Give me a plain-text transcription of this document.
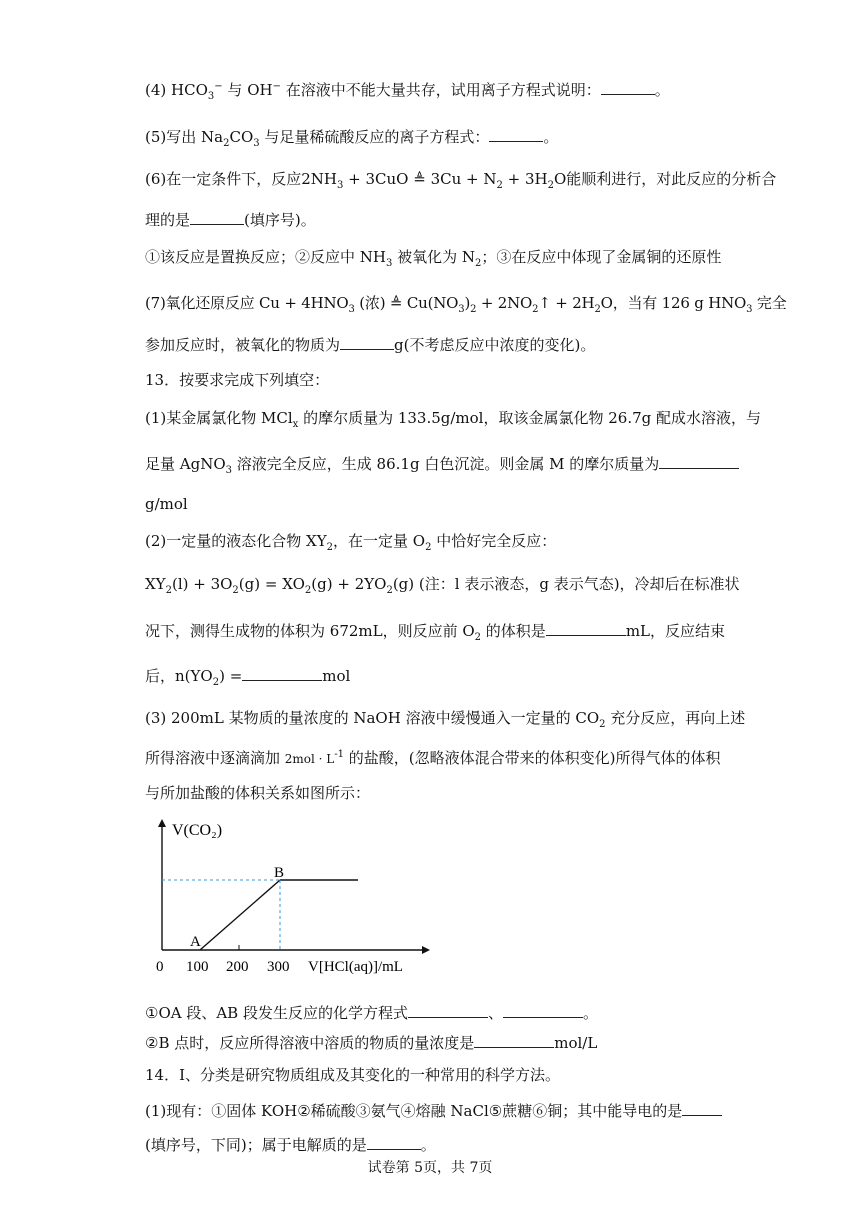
(4) $HCO_3^-$ 与 OH− 在溶液中不能大量共存，试用离子方程式说明：	。
(5)写出 $Na_2CO_3$ 与足量稀硫酸反应的离子方程式：	。
(6)在一定条件下，反应$2NH_3 + 3CuO$ ≜ $3Cu + N_2 + 3H_2O$能顺利进行，对此反应的分析合
理的是	(填序号)。
①该反应是置换反应；②反应中 $NH_3$ 被氧化为 $N_2$；③在反应中体现了金属铜的还原性
(7)氧化还原反应 $Cu + 4HNO_3$ (浓) ≜ $Cu(NO_3)_2$ + $2NO_2↑ + 2H_2O$，当有 126 g $HNO_3$ 完全
参加反应时，被氧化的物质为	g(不考虑反应中浓度的变化)。
13．按要求完成下列填空：
(1)某金属氯化物 MCl$_x$ 的摩尔质量为 133.5g/mol，取该金属氯化物 26.7g 配成水溶液，与
足量 AgNO$_3$ 溶液完全反应，生成 86.1g 白色沉淀。则金属 M 的摩尔质量为
g/mol
(2)一定量的液态化合物 $XY_2$，在一定量 $O_2$ 中恰好完全反应：
$XY_2(l) + 3O_2(g) = XO_2(g) + 2YO_2(g)$ (注：l 表示液态，g 表示气态)，冷却后在标准状
况下，测得生成物的体积为 672mL，则反应前 $O_2$ 的体积是	mL，反应结束
后，$n(YO_2)$ =	mol
(3) 200mL 某物质的量浓度的 NaOH 溶液中缓慢通入一定量的 $CO_2$ 充分反应，再向上述
所得溶液中逐滴滴加 $2mol \cdot L^{-1}$ 的盐酸，(忽略液体混合带来的体积变化)所得气体的体积
与所加盐酸的体积关系如图所示：
V(CO₂)
A
B
0 100 200 300 V[HCl(aq)]/mL
①OA 段、AB 段发生反应的化学方程式	、	。
②B 点时，反应所得溶液中溶质的物质的量浓度是	mol/L
14．I、分类是研究物质组成及其变化的一种常用的科学方法。
(1)现有：①固体 KOH②稀硫酸③氨气④熔融 NaCl⑤蔗糖⑥铜；其中能导电的是
(填序号，下同)；属于电解质的是	。
试卷第 5页，共 7页
